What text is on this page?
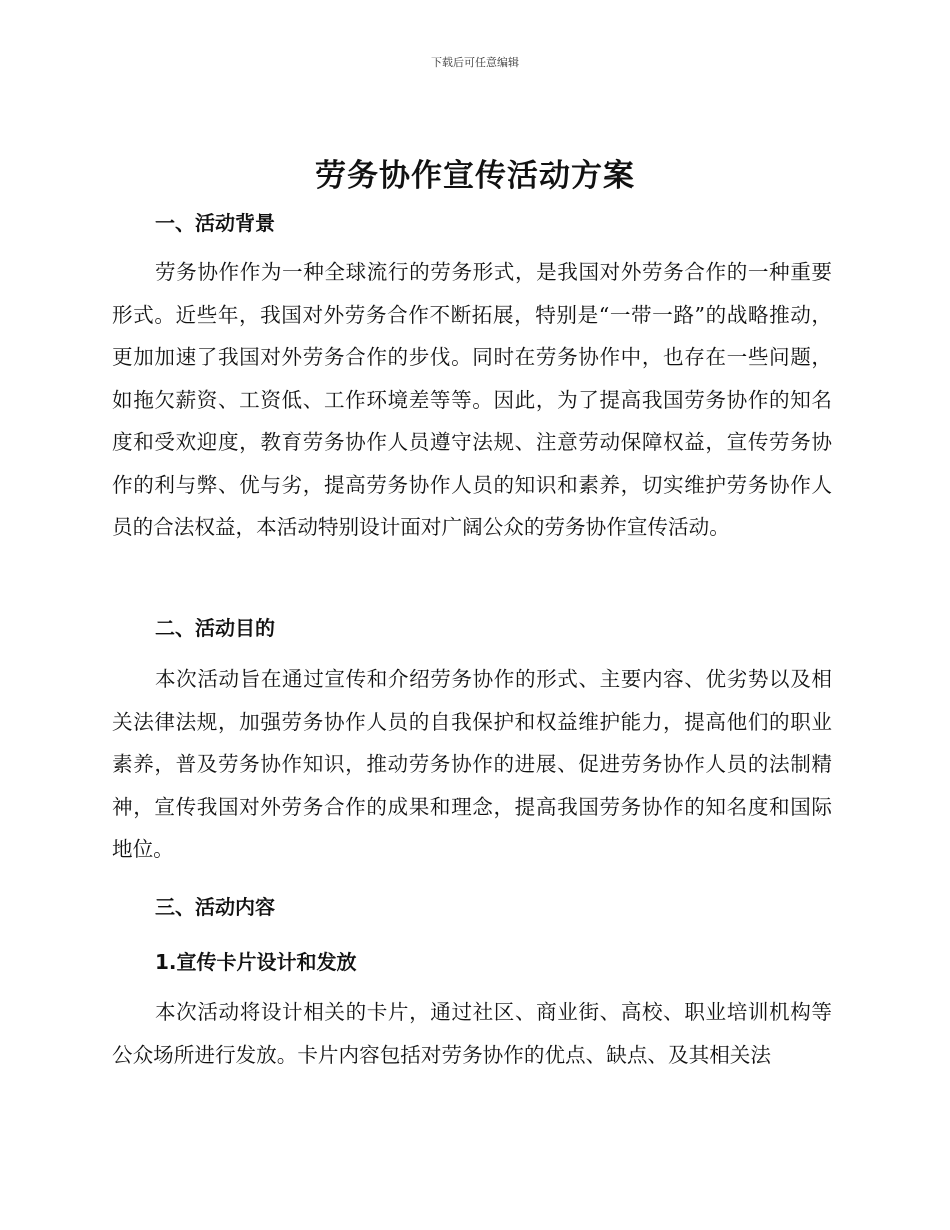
下载后可任意编辑
劳务协作宣传活动方案
一、活动背景

劳务协作作为一种全球流行的劳务形式，是我国对外劳务合作的一种重要形式。近些年，我国对外劳务合作不断拓展，特别是“一带一路”的战略推动，更加加速了我国对外劳务合作的步伐。同时在劳务协作中，也存在一些问题，如拖欠薪资、工资低、工作环境差等等。因此，为了提高我国劳务协作的知名度和受欢迎度，教育劳务协作人员遵守法规、注意劳动保障权益，宣传劳务协作的利与弊、优与劣，提高劳务协作人员的知识和素养，切实维护劳务协作人员的合法权益，本活动特别设计面对广阔公众的劳务协作宣传活动。

二、活动目的

本次活动旨在通过宣传和介绍劳务协作的形式、主要内容、优劣势以及相关法律法规，加强劳务协作人员的自我保护和权益维护能力，提高他们的职业素养，普及劳务协作知识，推动劳务协作的进展、促进劳务协作人员的法制精神，宣传我国对外劳务合作的成果和理念，提高我国劳务协作的知名度和国际地位。

三、活动内容
1.宣传卡片设计和发放

本次活动将设计相关的卡片，通过社区、商业街、高校、职业培训机构等公众场所进行发放。卡片内容包括对劳务协作的优点、缺点、及其相关法
